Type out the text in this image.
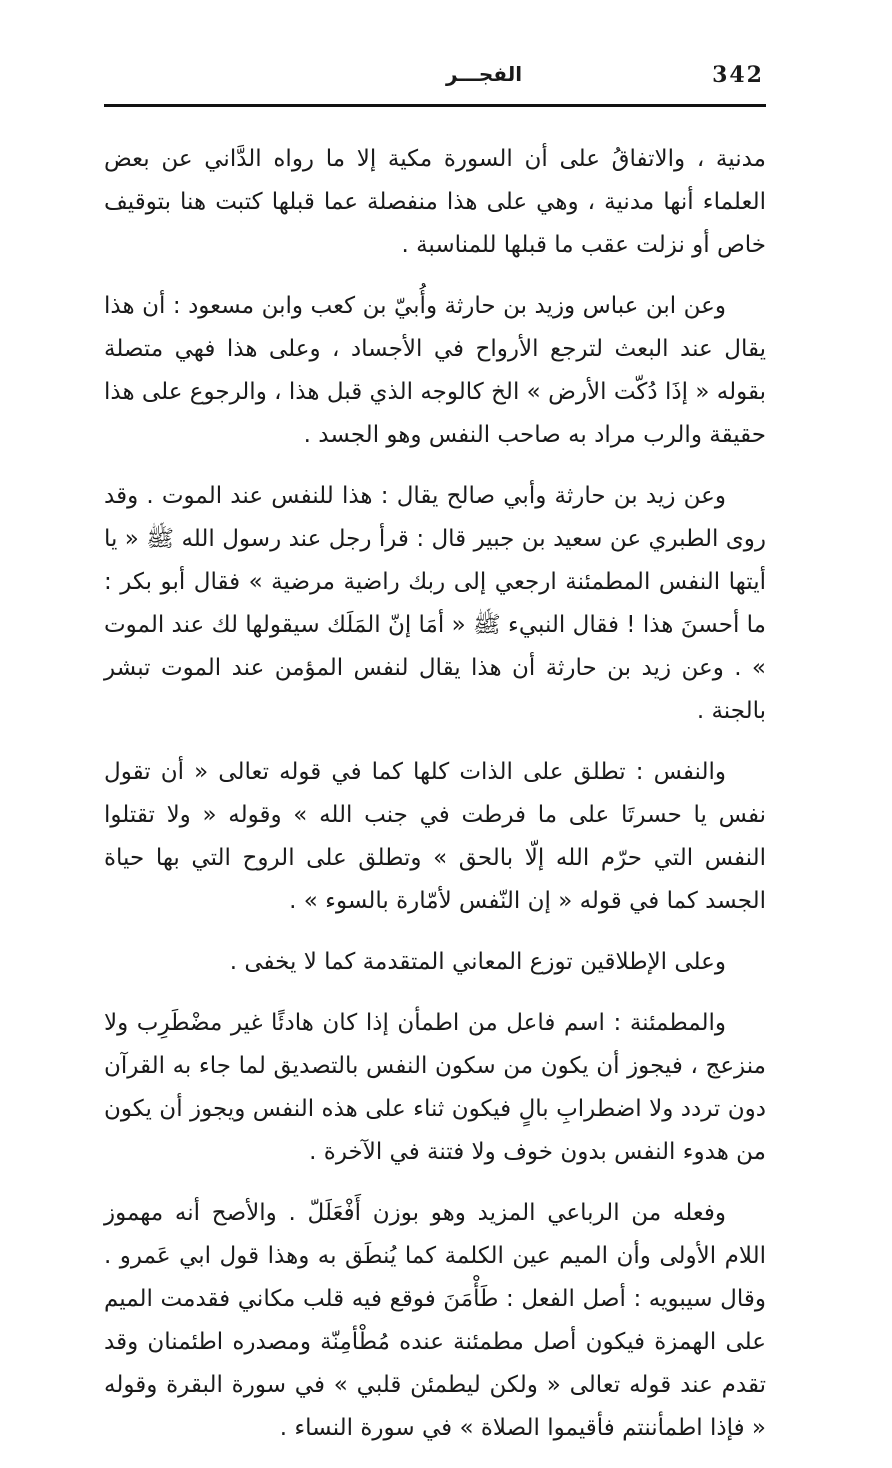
342
الفجـــر

مدنية ، والاتفاقُ على أن السورة مكية إلا ما رواه الدَّاني عن بعض العلماء أنها مدنية ، وهي على هذا منفصلة عما قبلها كتبت هنا بتوقيف خاص أو نزلت عقب ما قبلها للمناسبة .

وعن ابن عباس وزيد بن حارثة وأُبيّ بن كعب وابن مسعود : أن هذا يقال عند البعث لترجع الأرواح في الأجساد ، وعلى هذا فهي متصلة بقوله « إذَا دُكّت الأرض » الخ كالوجه الذي قبل هذا ، والرجوع على هذا حقيقة والرب مراد به صاحب النفس وهو الجسد .

وعن زيد بن حارثة وأبي صالح يقال : هذا للنفس عند الموت . وقد روى الطبري عن سعيد بن جبير قال : قرأ رجل عند رسول الله ﷺ « يا أيتها النفس المطمئنة ارجعي إلى ربك راضية مرضية » فقال أبو بكر : ما أحسنَ هذا ! فقال النبيء ﷺ « أمَا إنّ المَلَك سيقولها لك عند الموت » . وعن زيد بن حارثة أن هذا يقال لنفس المؤمن عند الموت تبشر بالجنة .

والنفس : تطلق على الذات كلها كما في قوله تعالى « أن تقول نفس يا حسرتَا على ما فرطت في جنب الله » وقوله « ولا تقتلوا النفس التي حرّم الله إلّا بالحق » وتطلق على الروح التي بها حياة الجسد كما في قوله « إن النّفس لأمّارة بالسوء » .

وعلى الإطلاقين توزع المعاني المتقدمة كما لا يخفى .

والمطمئنة : اسم فاعل من اطمأن إذا كان هادئًا غير مضْطَرِب ولا منزعج ، فيجوز أن يكون من سكون النفس بالتصديق لما جاء به القرآن دون تردد ولا اضطرابِ بالٍ فيكون ثناء على هذه النفس ويجوز أن يكون من هدوء النفس بدون خوف ولا فتنة في الآخرة .

وفعله من الرباعي المزيد وهو بوزن أَفْعَلَلّ . والأصح أنه مهموز اللام الأولى وأن الميم عين الكلمة كما يُنطَق به وهذا قول ابي عَمرو . وقال سيبويه : أصل الفعل : طَأْمَنَ فوقع فيه قلب مكاني فقدمت الميم على الهمزة فيكون أصل مطمئنة عنده مُطْأمِنّة ومصدره اطئمنان وقد تقدم عند قوله تعالى « ولكن ليطمئن قلبي » في سورة البقرة وقوله « فإذا اطمأننتم فأقيموا الصلاة » في سورة النساء .
